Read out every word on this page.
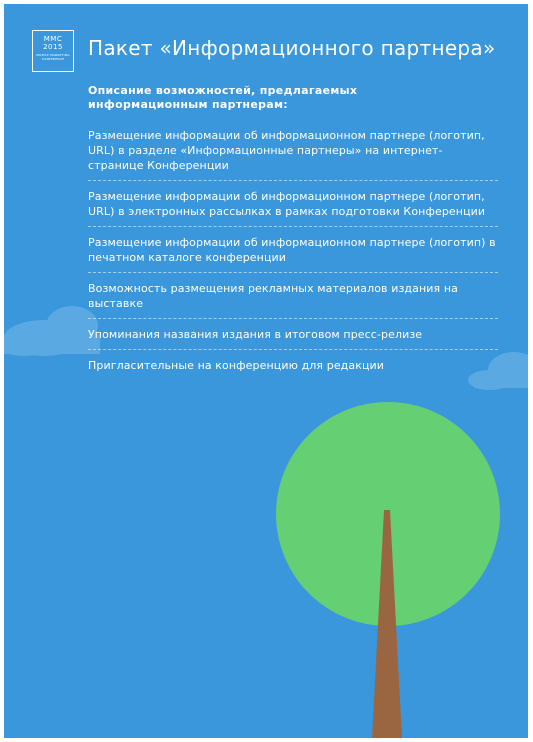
MMC
2015
MOBILE MARKETING CONFERENCE	Пакет «Информационного партнера»

Описание возможностей, предлагаемых информационным партнерам:

Размещение информации об информационном партнере (логотип, URL) в разделе «Информационные партнеры» на интернет-странице Конференции
Размещение информации об информационном партнере (логотип, URL) в электронных рассылках в рамках подготовки Конференции
Размещение информации об информационном партнере (логотип) в печатном каталоге конференции
Возможность размещения рекламных материалов издания на выставке
Упоминания названия издания в итоговом пресс-релизе
Пригласительные на конференцию для редакции
